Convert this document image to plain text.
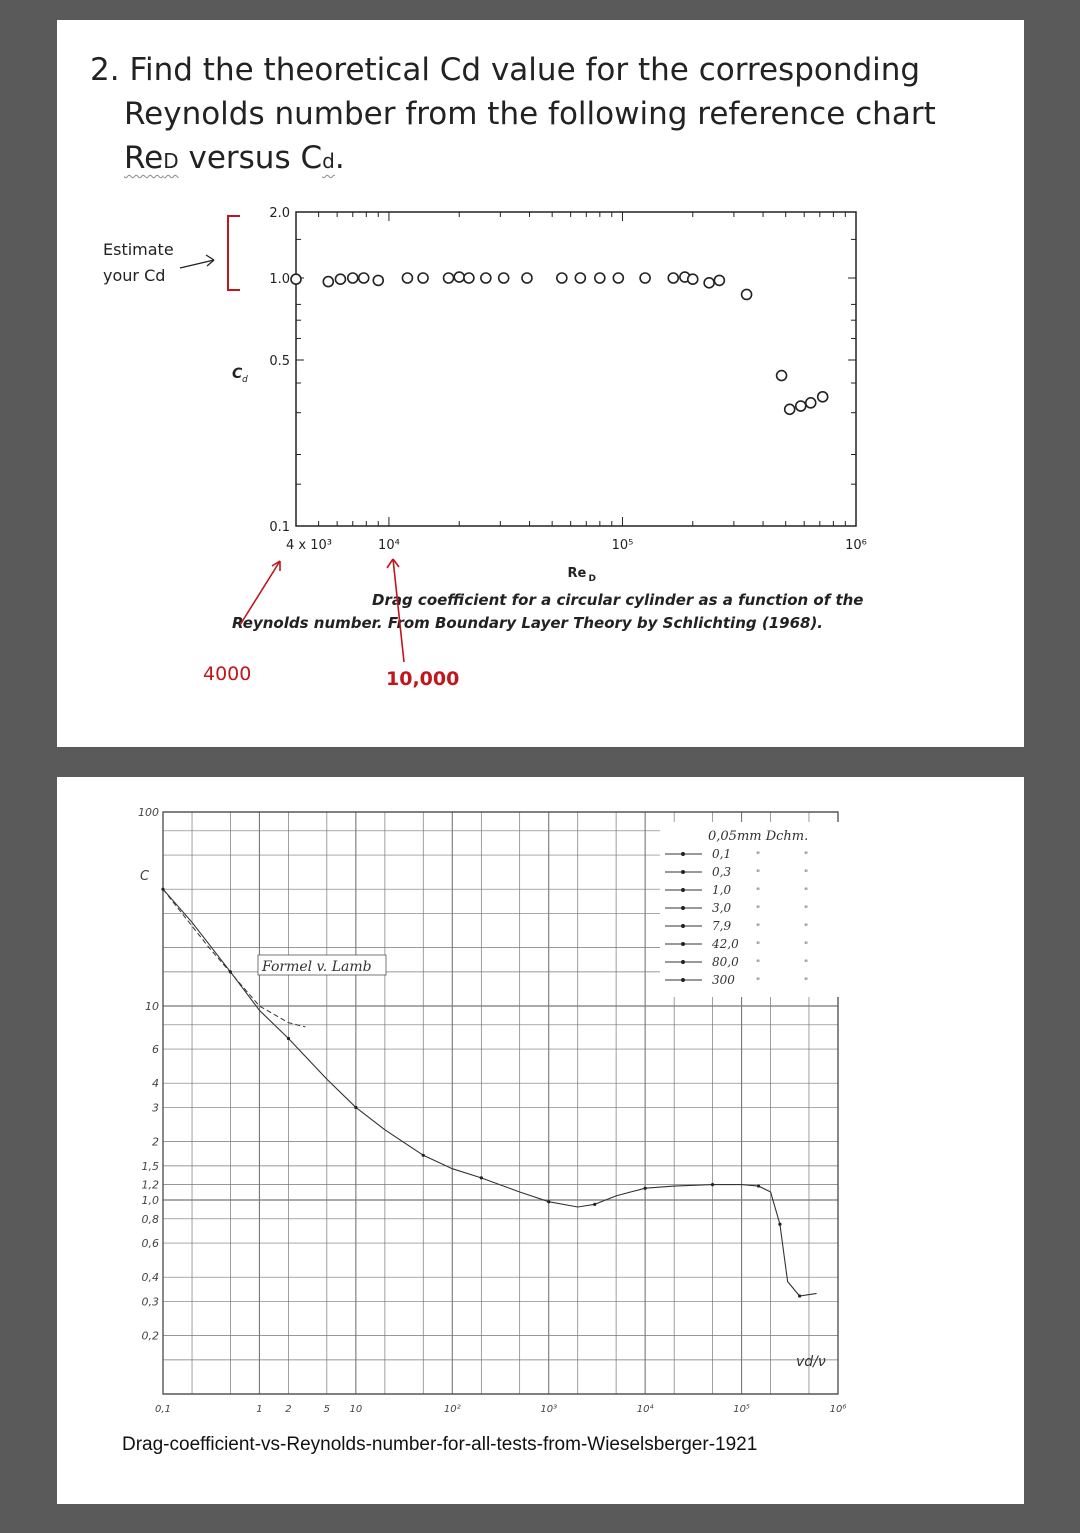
2. Find the theoretical Cd value for the corresponding
Reynolds number from the following reference chart
ReD versus Cd.
Estimate
your Cd
4000	10,000
Drag coefficient for a circular cylinder as a function of the
Reynolds number. From Boundary Layer Theory by Schlichting (1968).
2.0
1.0
0.5
0.1
4 x 10³	10⁴	10⁵	10⁶
Re D
C d
100
10
6
4
3
2
1,5
1,2
1,0
0,8
0,6
0,4
0,3
0,2
C
0,1	1 2	5 10	10²	10³	10⁴	10⁵	10⁶
vd/ν
Formel v. Lamb
0,05mm Dchm.
0,1	"	"
0,3	"	"
1,0	"	"
3,0	"	"
7,9	"	"
42,0 "	"
80,0 "	"
300 "	"
Drag-coefficient-vs-Reynolds-number-for-all-tests-from-Wieselsberger-1921
